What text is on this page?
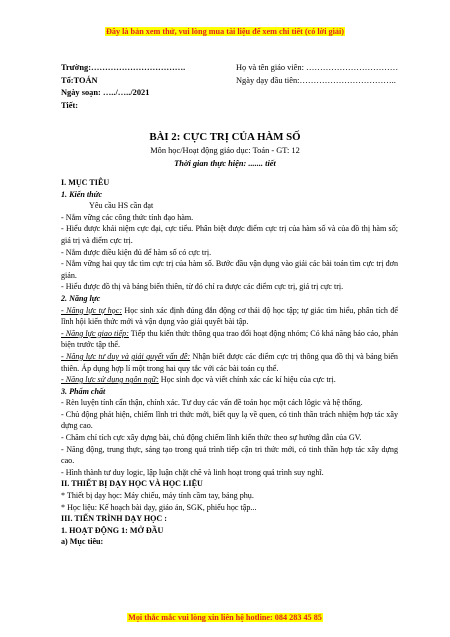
Đây là bản xem thử, vui lòng mua tài liệu để xem chi tiết (có lời giải)
Trường:…………………………….	Họ và tên giáo viên: ……………………………
Tổ:TOÁN	Ngày dạy đầu tiên:……………………………..
Ngày soạn: …../…../2021
Tiết:
BÀI 2: CỰC TRỊ CỦA HÀM SỐ
Môn học/Hoạt động giáo dục: Toán - GT: 12
Thời gian thực hiện: ....... tiết

I. MỤC TIÊU

1. Kiến thức

Yêu cầu HS cần đạt

- Nắm vững các công thức tính đạo hàm.

- Hiểu được khái niệm cực đại, cực tiểu. Phân biệt được điểm cực trị của hàm số và của đồ thị hàm số; giá trị và điểm cực trị.

- Nắm được điều kiện đủ để hàm số có cực trị.

- Nắm vững hai quy tắc tìm cực trị của hàm số. Bước đầu vận dụng vào giải các bài toán tìm cực trị đơn giản.

- Hiểu được đồ thị và bảng biến thiên, từ đó chỉ ra được các điểm cực trị, giá trị cực trị.

2. Năng lực

- Năng lực tự học: Học sinh xác định đúng đắn động cơ thái độ học tập; tự giác tìm hiểu, phân tích để lĩnh hội kiến thức mới và vận dụng vào giải quyết bài tập.

- Năng lực giao tiếp: Tiếp thu kiến thức thông qua trao đổi hoạt động nhóm; Có khả năng báo cáo, phản biện trước tập thể.

- Năng lực tư duy và giải quyết vấn đề: Nhận biết được các điểm cực trị thông qua đồ thị và bảng biến thiên. Áp dụng hợp lí một trong hai quy tắc với các bài toán cụ thể.

- Năng lực sử dụng ngôn ngữ: Học sinh đọc và viết chính xác các kí hiệu của cực trị.

3. Phẩm chất

- Rèn luyện tính cẩn thận, chính xác. Tư duy các vấn đề toán học một cách lôgic và hệ thống.

- Chủ động phát hiện, chiếm lĩnh tri thức mới, biết quy lạ về quen, có tinh thần trách nhiệm hợp tác xây dựng cao.

- Chăm chỉ tích cực xây dựng bài, chủ động chiếm lĩnh kiến thức theo sự hướng dẫn của GV.

- Năng động, trung thực, sáng tạo trong quá trình tiếp cận tri thức mới, có tinh thần hợp tác xây dựng cao.

- Hình thành tư duy logic, lập luận chặt chẽ và linh hoạt trong quá trình suy nghĩ.

II. THIẾT BỊ DẠY HỌC VÀ HỌC LIỆU

* Thiết bị dạy học: Máy chiếu, máy tính cầm tay, bảng phụ.

* Học liệu: Kế hoạch bài dạy, giáo án, SGK, phiếu học tập...

III. TIẾN TRÌNH DẠY HỌC :

1. HOẠT ĐỘNG 1: MỞ ĐẦU

a) Mục tiêu:

Mọi thắc mắc vui lòng xin liên hệ hotline: 084 283 45 85
